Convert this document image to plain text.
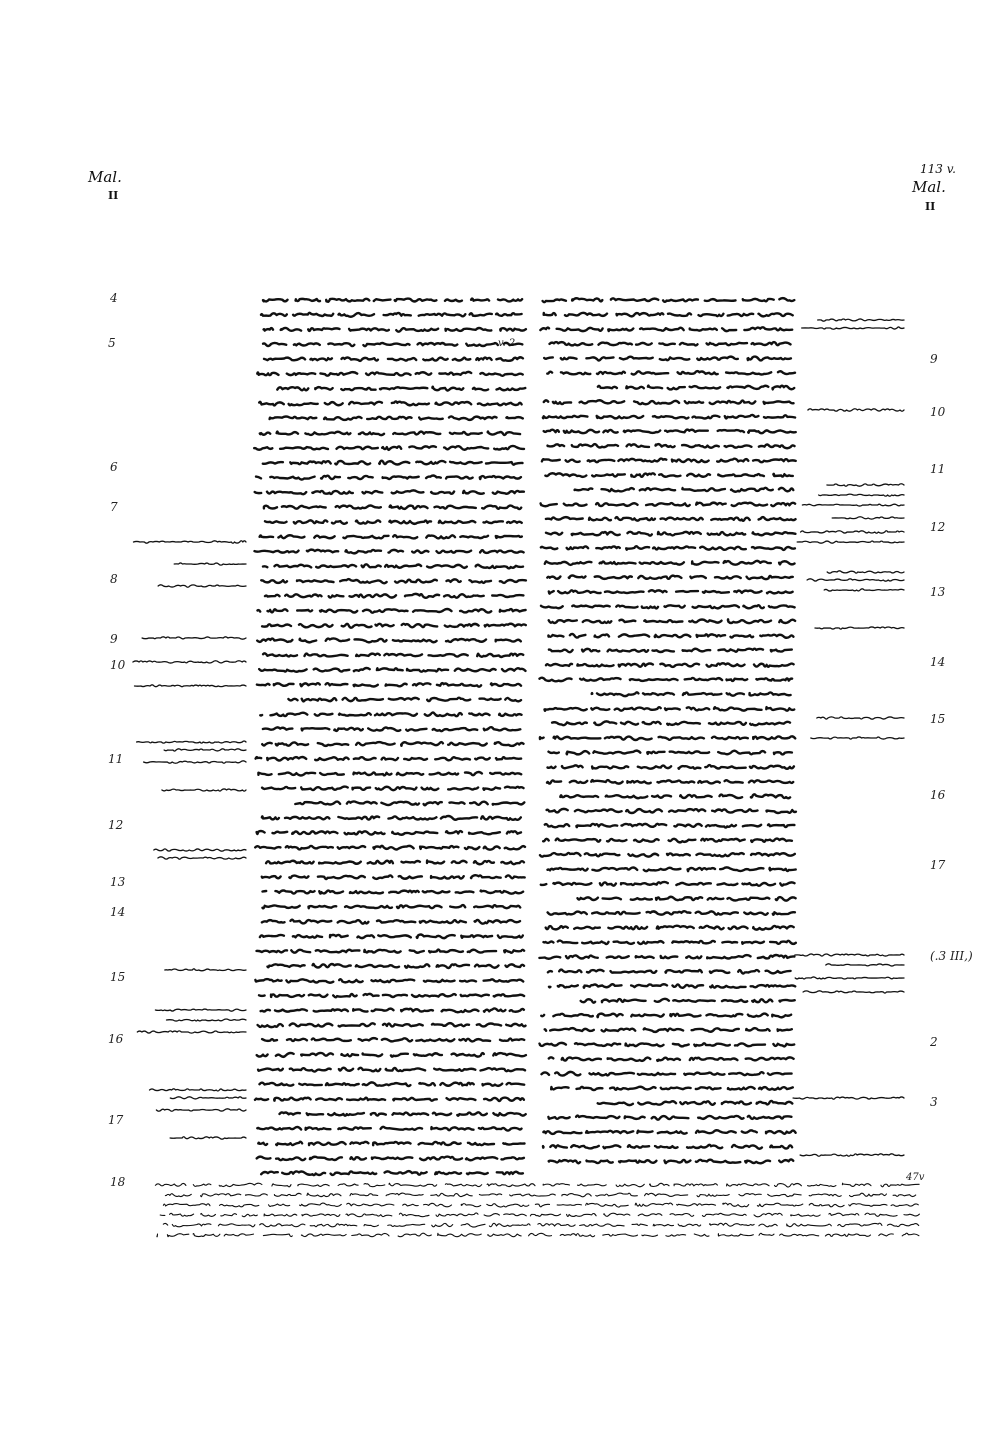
Mal.
II
113 v.
Mal.
II
4
5
6
7
8
9
10
11
12
13
14
15
16
17
18
9
10
11
12
13
14
15
16
17
2
3
(.3 III,)
47v
v. 2
